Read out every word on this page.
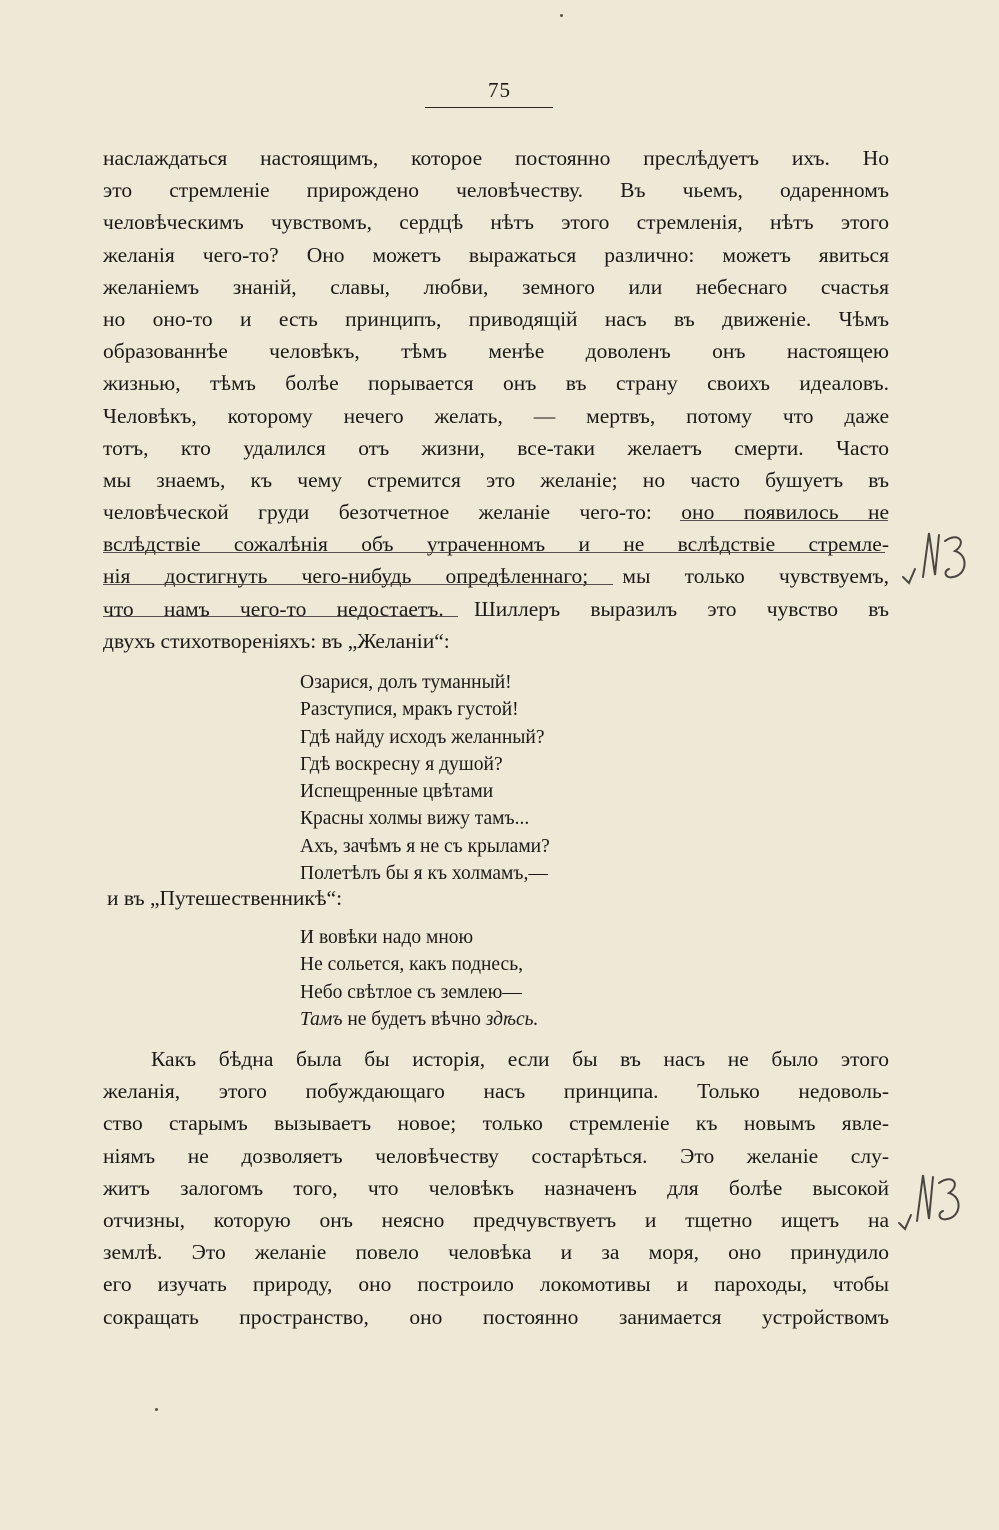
75
наслаждаться настоящимъ, которое постоянно преслѣдуетъ ихъ. Но
это стремленіе прирождено человѣчеству. Въ чьемъ, одаренномъ
человѣческимъ чувствомъ, сердцѣ нѣтъ этого стремленія, нѣтъ этого
желанія чего-то? Оно можетъ выражаться различно: можетъ явиться
желаніемъ знаній, славы, любви, земного или небеснаго счастья
но оно-то и есть принципъ, приводящій насъ въ движеніе. Чѣмъ
образованнѣе человѣкъ, тѣмъ менѣе доволенъ онъ настоящею
жизнью, тѣмъ болѣе порывается онъ въ страну своихъ идеаловъ.
Человѣкъ, которому нечего желать, — мертвъ, потому что даже
тотъ, кто удалился отъ жизни, все-таки желаетъ смерти. Часто
мы знаемъ, къ чему стремится это желаніе; но часто бушуетъ въ
человѣческой груди безотчетное желаніе чего-то: оно появилось не
вслѣдствіе сожалѣнія объ утраченномъ и не вслѣдствіе стремле-
нія достигнуть чего-нибудь опредѣленнаго; мы только чувствуемъ,
что намъ чего-то недостаетъ. Шиллеръ выразилъ это чувство въ
двухъ стихотвореніяхъ: въ „Желаніи“:
Озарися, долъ туманный!
Разступися, мракъ густой!
Гдѣ найду исходъ желанный?
Гдѣ воскресну я душой?
Испещренные цвѣтами
Красны холмы вижу тамъ...
Ахъ, зачѣмъ я не съ крылами?
Полетѣлъ бы я къ холмамъ,—
и въ „Путешественникѣ“:
И вовѣки надо мною
Не сольется, какъ поднесь,
Небо свѣтлое съ землею—
Тамъ не будетъ вѣчно здѣсь.
Какъ бѣдна была бы исторія, если бы въ насъ не было этого
желанія, этого побуждающаго насъ принципа. Только недоволь-
ство старымъ вызываетъ новое; только стремленіе къ новымъ явле-
ніямъ не дозволяетъ человѣчеству состарѣться. Это желаніе слу-
житъ залогомъ того, что человѣкъ назначенъ для болѣе высокой
отчизны, которую онъ неясно предчувствуетъ и тщетно ищетъ на
землѣ. Это желаніе повело человѣка и за моря, оно принудило
его изучать природу, оно построило локомотивы и пароходы, чтобы
сокращать пространство, оно постоянно занимается устройствомъ
